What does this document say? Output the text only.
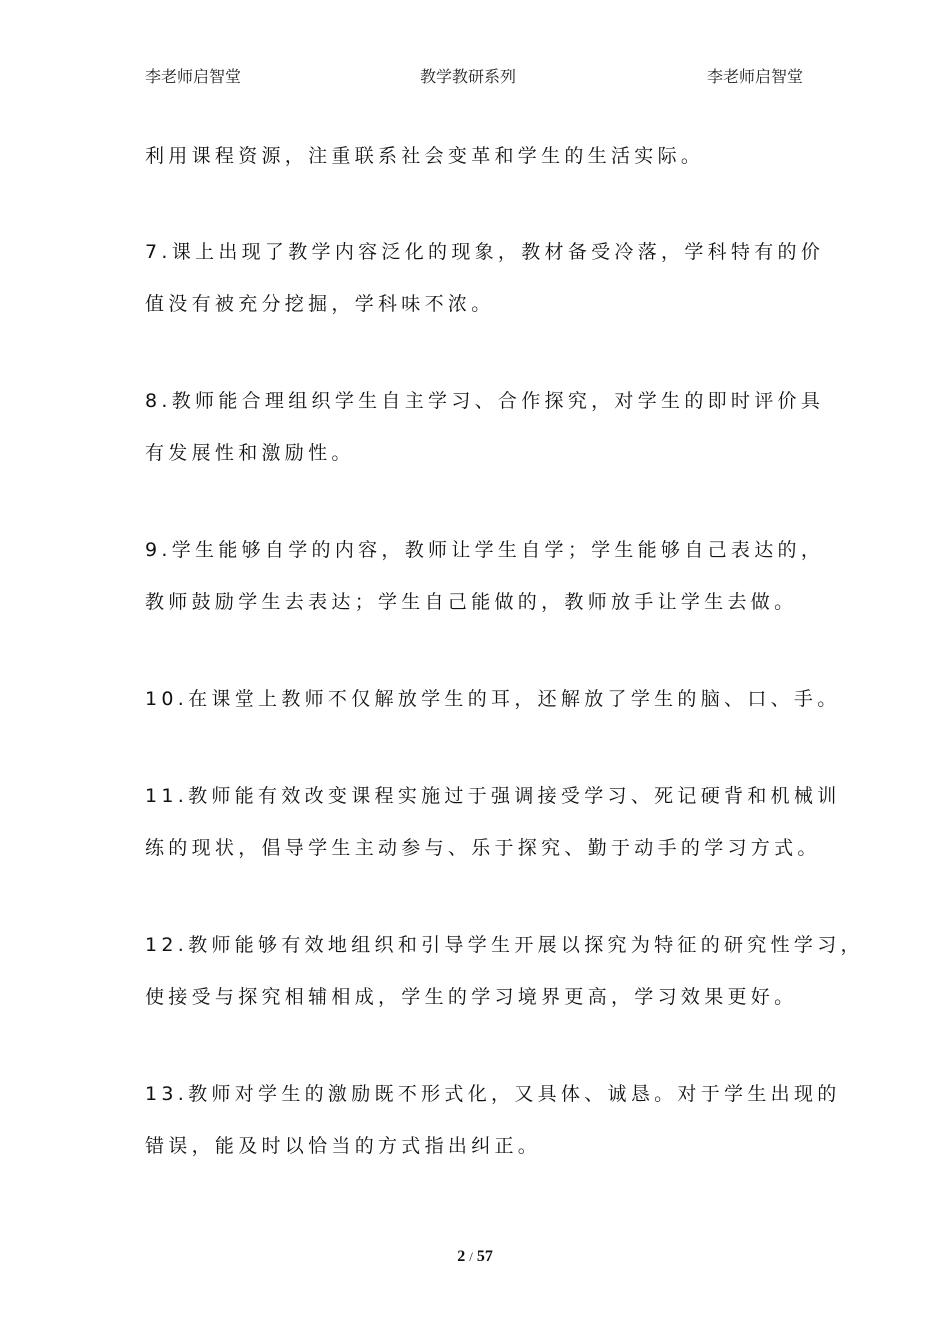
李老师启智堂	教学教研系列	李老师启智堂

利用课程资源，注重联系社会变革和学生的生活实际。

7.课上出现了教学内容泛化的现象，教材备受冷落，学科特有的价
值没有被充分挖掘，学科味不浓。

8.教师能合理组织学生自主学习、合作探究，对学生的即时评价具
有发展性和激励性。

9.学生能够自学的内容，教师让学生自学；学生能够自己表达的，
教师鼓励学生去表达；学生自己能做的，教师放手让学生去做。

10.在课堂上教师不仅解放学生的耳，还解放了学生的脑、口、手。

11.教师能有效改变课程实施过于强调接受学习、死记硬背和机械训
练的现状，倡导学生主动参与、乐于探究、勤于动手的学习方式。

12.教师能够有效地组织和引导学生开展以探究为特征的研究性学习，
使接受与探究相辅相成，学生的学习境界更高，学习效果更好。

13.教师对学生的激励既不形式化，又具体、诚恳。对于学生出现的
错误，能及时以恰当的方式指出纠正。

2 / 57
